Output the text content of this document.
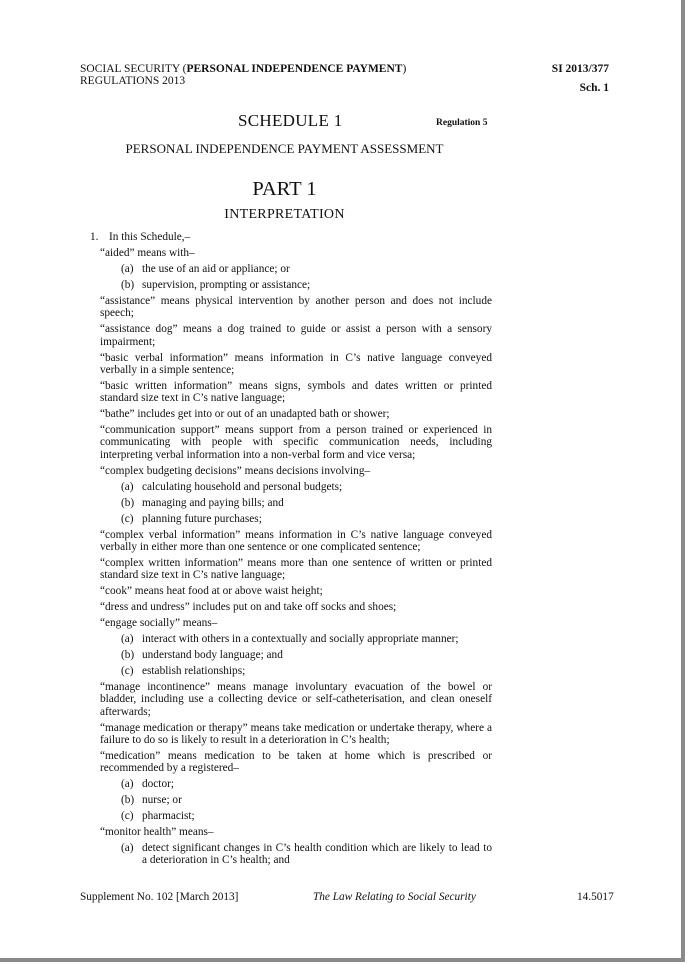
SOCIAL SECURITY (PERSONAL INDEPENDENCE PAYMENT)
REGULATIONS 2013
SI 2013/377
Sch. 1
SCHEDULE 1	Regulation 5
PERSONAL INDEPENDENCE PAYMENT ASSESSMENT
PART 1
INTERPRETATION
1. In this Schedule,–
“aided” means with–
(a) the use of an aid or appliance; or
(b) supervision, prompting or assistance;
“assistance” means physical intervention by another person and does not include speech;
“assistance dog” means a dog trained to guide or assist a person with a sensory impairment;
“basic verbal information” means information in C’s native language conveyed verbally in a simple sentence;
“basic written information” means signs, symbols and dates written or printed standard size text in C’s native language;
“bathe” includes get into or out of an unadapted bath or shower;
“communication support” means support from a person trained or experienced in communicating with people with specific communication needs, including interpreting verbal information into a non-verbal form and vice versa;
“complex budgeting decisions” means decisions involving–
(a) calculating household and personal budgets;
(b) managing and paying bills; and
(c) planning future purchases;
“complex verbal information” means information in C’s native language conveyed verbally in either more than one sentence or one complicated sentence;
“complex written information” means more than one sentence of written or printed standard size text in C’s native language;
“cook” means heat food at or above waist height;
“dress and undress” includes put on and take off socks and shoes;
“engage socially” means–
(a) interact with others in a contextually and socially appropriate manner;
(b) understand body language; and
(c) establish relationships;
“manage incontinence” means manage involuntary evacuation of the bowel or bladder, including use a collecting device or self-catheterisation, and clean oneself afterwards;
“manage medication or therapy” means take medication or undertake therapy, where a failure to do so is likely to result in a deterioration in C’s health;
“medication” means medication to be taken at home which is prescribed or recommended by a registered–
(a) doctor;
(b) nurse; or
(c) pharmacist;
“monitor health” means–
(a) detect significant changes in C’s health condition which are likely to lead to a deterioration in C’s health; and
Supplement No. 102 [March 2013]	The Law Relating to Social Security	14.5017
